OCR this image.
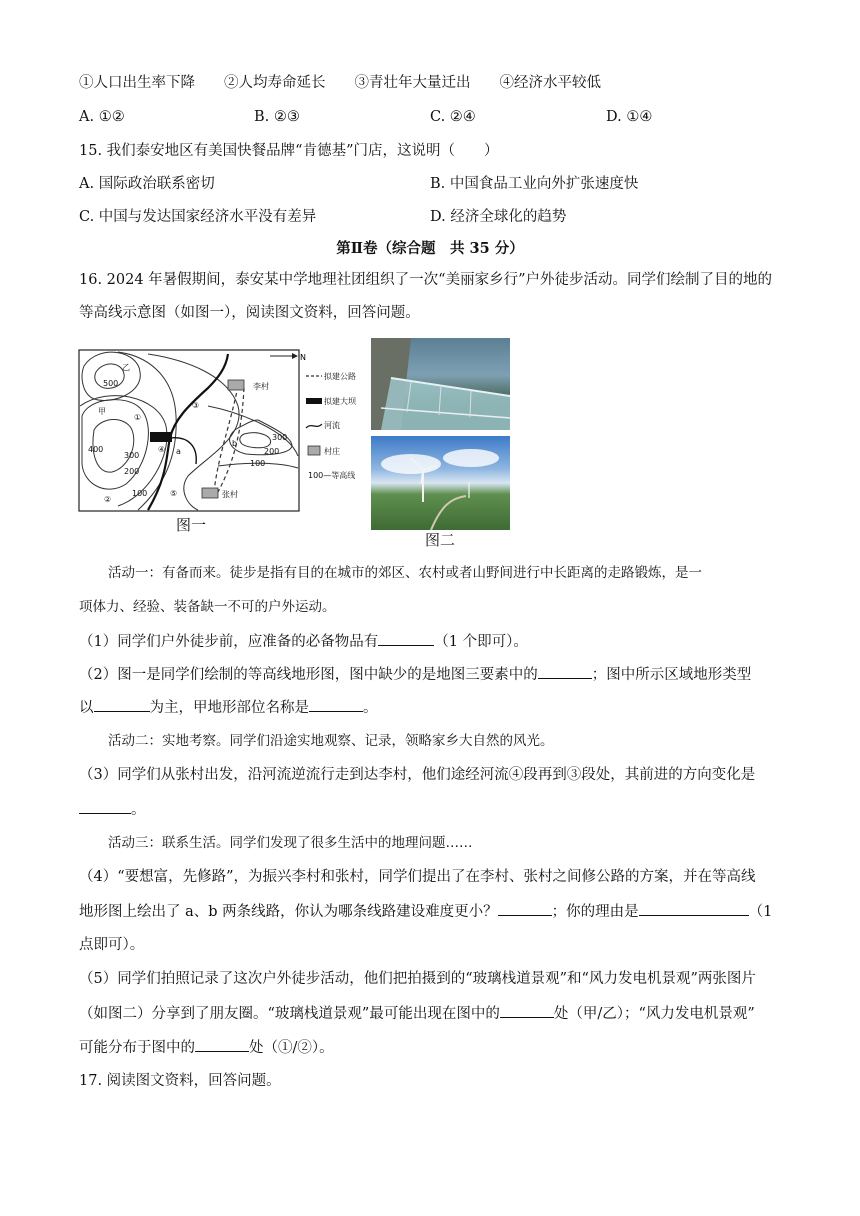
①人口出生率下降　　②人均寿命延长　　③青壮年大量迁出　　④经济水平较低
A. ①②	B. ②③	C. ②④	D. ①④
15. 我们泰安地区有美国快餐品牌“肯德基”门店，这说明（　　）
A. 国际政治联系密切	B. 中国食品工业向外扩张速度快
C. 中国与发达国家经济水平没有差异	D. 经济全球化的趋势
第Ⅱ卷（综合题　共 35 分）
16. 2024 年暑假期间，泰安某中学地理社团组织了一次“美丽家乡行”户外徒步活动。同学们绘制了目的地的
等高线示意图（如图一），阅读图文资料，回答问题。
N
李村
张村
500
400
300
200
100
300
200
100
甲
乙
①
②
③
④
⑤
a
b
拟建公路
拟建大坝
河流
村庄
100—等高线
图一
图二
活动一：有备而来。徒步是指有目的在城市的郊区、农村或者山野间进行中长距离的走路锻炼，是一
项体力、经验、装备缺一不可的户外运动。
（1）同学们户外徒步前，应准备的必备物品有	（1 个即可）。
（2）图一是同学们绘制的等高线地形图，图中缺少的是地图三要素中的	；图中所示区域地形类型
以	为主，甲地形部位名称是	。
活动二：实地考察。同学们沿途实地观察、记录，领略家乡大自然的风光。
（3）同学们从张村出发，沿河流逆流行走到达李村，他们途经河流④段再到③段处，其前进的方向变化是
。
活动三：联系生活。同学们发现了很多生活中的地理问题……
（4）“要想富，先修路”，为振兴李村和张村，同学们提出了在李村、张村之间修公路的方案，并在等高线
地形图上绘出了 a、b 两条线路，你认为哪条线路建设难度更小？	；你的理由是	（1
点即可）。
（5）同学们拍照记录了这次户外徒步活动，他们把拍摄到的“玻璃栈道景观”和“风力发电机景观”两张图片
（如图二）分享到了朋友圈。“玻璃栈道景观”最可能出现在图中的	处（甲/乙）；“风力发电机景观”
可能分布于图中的	处（①/②）。
17. 阅读图文资料，回答问题。
